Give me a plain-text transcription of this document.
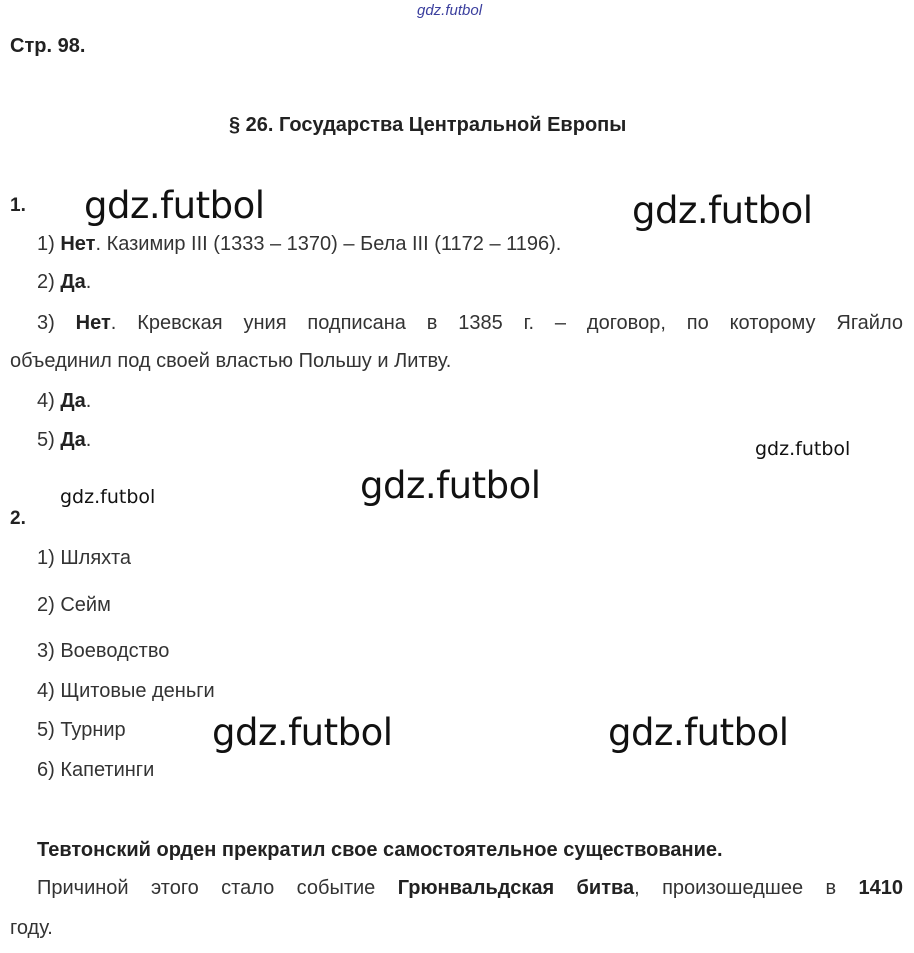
gdz.futbol
Стр. 98.
§ 26. Государства Центральной Европы
1.
1) Нет. Казимир III (1333 – 1370) – Бела III (1172 – 1196).
2) Да.
3) Нет. Кревская уния подписана в 1385 г. – договор, по которому Ягайло
объединил под своей властью Польшу и Литву.
4) Да.
5) Да.
2.
1) Шляхта
2) Сейм
3) Воеводство
4) Щитовые деньги
5) Турнир
6) Капетинги
Тевтонский орден прекратил свое самостоятельное существование.
Причиной этого стало событие Грюнвальдская битва, произошедшее в 1410
году.
gdz.futbol	gdz.futbol
gdz.futbol
gdz.futbol
gdz.futbol
gdz.futbol	gdz.futbol
